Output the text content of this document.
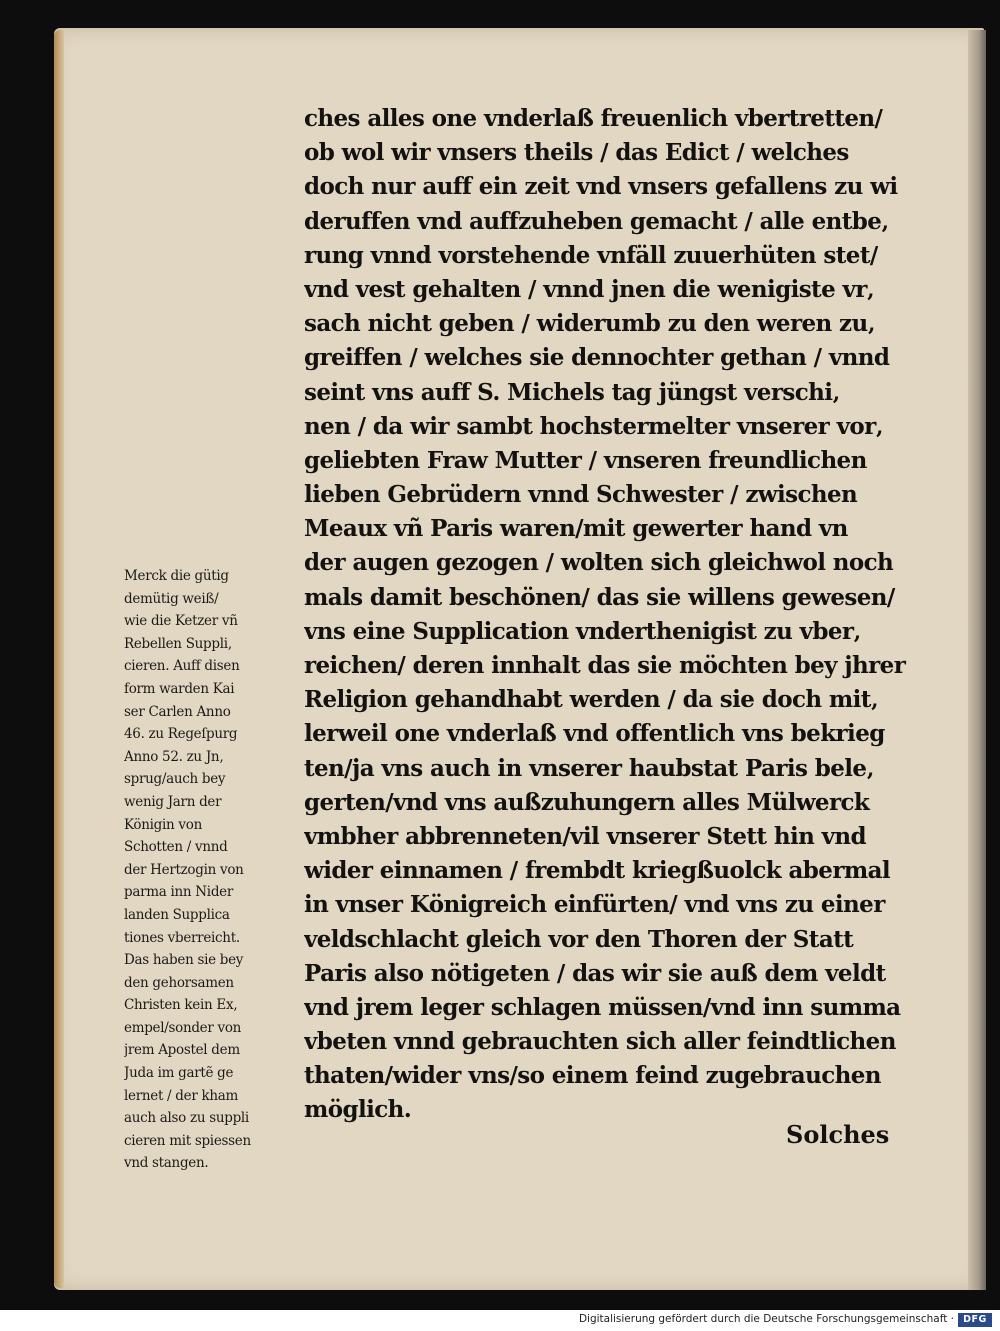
ches alles one vnderlaß freuenlich vbertretten/
ob wol wir vnsers theils / das Edict / welches
doch nur auff ein zeit vnd vnsers gefallens zu wi
deruffen vnd auffzuheben gemacht / alle entbe‚
rung vnnd vorstehende vnfäll zuuerhüten stet/
vnd vest gehalten / vnnd jnen die wenigiste vr‚
sach nicht geben / widerumb zu den weren zu‚
greiffen / welches sie dennochter gethan / vnnd
seint vns auff S. Michels tag jüngst verschi‚
nen / da wir sambt hochstermelter vnserer vor‚
geliebten Fraw Mutter / vnseren freundlichen
lieben Gebrüdern vnnd Schwester / zwischen
Meaux vñ Paris waren/mit gewerter hand vn
der augen gezogen / wolten sich gleichwol noch
mals damit beschönen/ das sie willens gewesen/
vns eine Supplication vnderthenigist zu vber‚
reichen/ deren innhalt das sie möchten bey jhrer
Religion gehandhabt werden / da sie doch mit‚
lerweil one vnderlaß vnd offentlich vns bekrieg
ten/ja vns auch in vnserer haubstat Paris bele‚
gerten/vnd vns außzuhungern alles Mülwerck
vmbher abbrenneten/vil vnserer Stett hin vnd
wider einnamen / frembdt kriegßuolck abermal
in vnser Königreich einfürten/ vnd vns zu einer
veldschlacht gleich vor den Thoren der Statt
Paris also nötigeten / das wir sie auß dem veldt
vnd jrem leger schlagen müssen/vnd inn summa
vbeten vnnd gebrauchten sich aller feindtlichen
thaten/wider vns/so einem feind zugebrauchen
möglich.
Solches
Merck die gütig
demütig weiß/
wie die Ketzer vñ
Rebellen Suppli‚
cieren. Auff disen
form warden Kai
ser Carlen Anno
46. zu Regeſpurg
Anno 52. zu Jn‚
sprug/auch bey
wenig Jarn der
Königin von
Schotten / vnnd
der Hertzogin von
parma inn Nider
landen Supplica
tiones vberreicht.
Das haben sie bey
den gehorsamen
Christen kein Ex‚
empel/sonder von
jrem Apostel dem
Juda im gartẽ ge
lernet / der kham
auch also zu suppli
cieren mit spiessen
vnd stangen.
Digitalisierung gefördert durch die Deutsche Forschungsgemeinschaft · DFG
